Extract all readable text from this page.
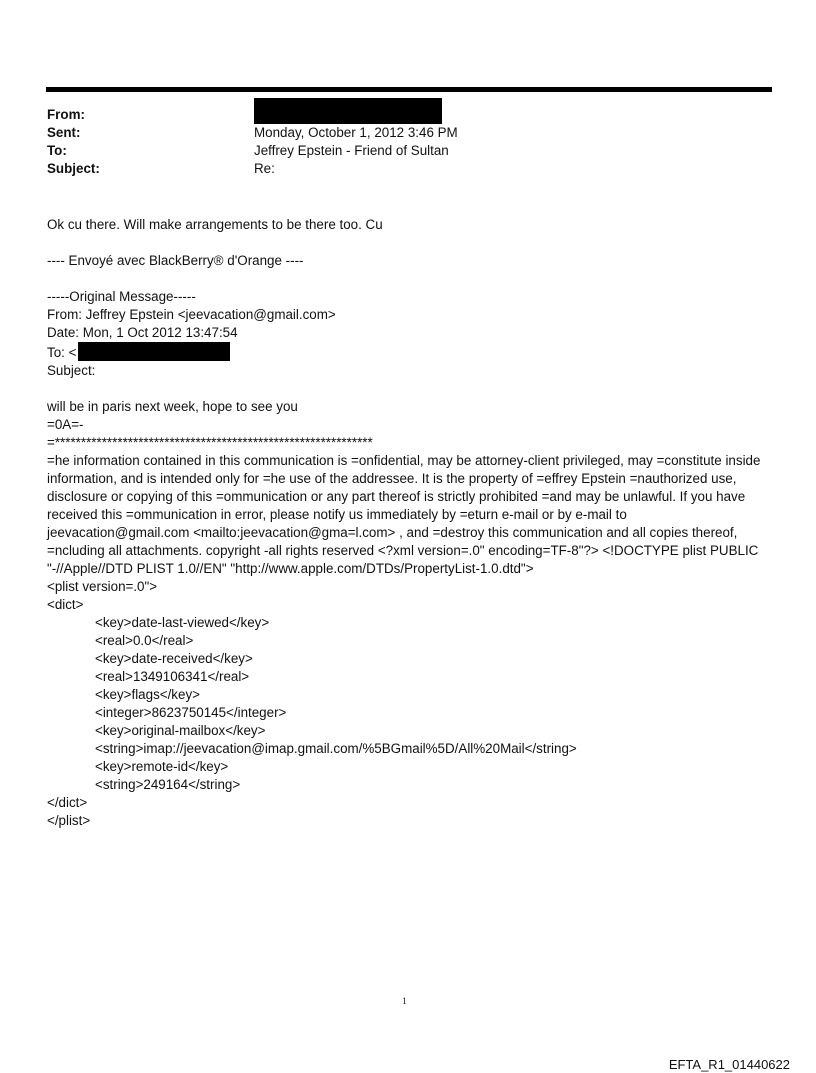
From:
Sent:	Monday, October 1, 2012 3:46 PM
To:	Jeffrey Epstein - Friend of Sultan
Subject:	Re:

Ok cu there. Will make arrangements to be there too. Cu

---- Envoyé avec BlackBerry® d'Orange ----

-----Original Message-----

From: Jeffrey Epstein <jeevacation@gmail.com>

Date: Mon, 1 Oct 2012 13:47:54

To: <

Subject:

will be in paris next week, hope to see you

=0A=-

=*************************************************************

=he information contained in this communication is =onfidential, may be attorney-client privileged, may =constitute inside information, and is intended only for =he use of the addressee. It is the property of =effrey Epstein =nauthorized use, disclosure or copying of this =ommunication or any part thereof is strictly prohibited =and may be unlawful. If you have received this =ommunication in error, please notify us immediately by =eturn e-mail or by e-mail to jeevacation@gmail.com <mailto:jeevacation@gma=l.com> , and =destroy this communication and all copies thereof, =ncluding all attachments. copyright -all rights reserved <?xml version=.0" encoding=TF-8"?> <!DOCTYPE plist PUBLIC "-//Apple//DTD PLIST 1.0//EN" "http://www.apple.com/DTDs/PropertyList-1.0.dtd">

<plist version=.0">

<dict>

<key>date-last-viewed</key>

<real>0.0</real>

<key>date-received</key>

<real>1349106341</real>

<key>flags</key>

<integer>8623750145</integer>

<key>original-mailbox</key>

<string>imap://jeevacation@imap.gmail.com/%5BGmail%5D/All%20Mail</string>

<key>remote-id</key>

<string>249164</string>

</dict>

</plist>

1
EFTA_R1_01440622
